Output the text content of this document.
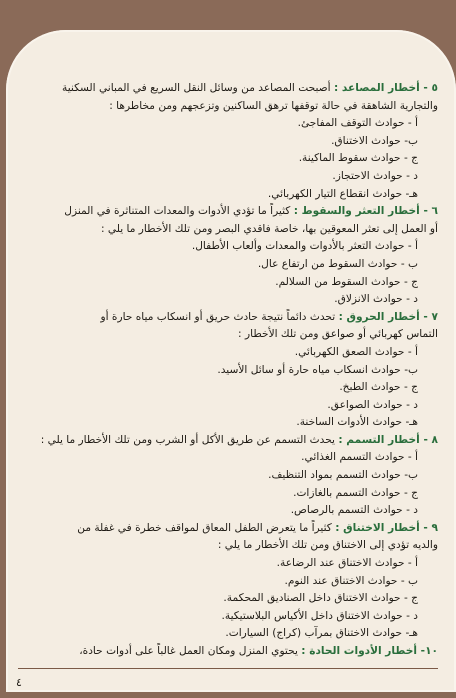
٥ - أخطار المصاعد : أصبحت المصاعد من وسائل النقل السريع في المباني السكنية
والتجارية الشاهقة في حالة توقفها ترهق الساكنين وتزعجهم ومن مخاطرها :
أ - حوادث التوقف المفاجئ.
ب- حوادث الاختناق.
ج - حوادث سقوط الماكينة.
د - حوادث الاحتجاز.
هـ- حوادث انقطاع التيار الكهربائي.
٦ - أخطار التعثر والسقوط : كثيراً ما تؤدي الأدوات والمعدات المتناثرة في المنزل
أو العمل إلى تعثر المعوقين بها، خاصة فاقدي البصر ومن تلك الأخطار ما يلي :
أ - حوادث التعثر بالأدوات والمعدات وألعاب الأطفال.
ب - حوادث السقوط من ارتفاع عال.
ج - حوادث السقوط من السلالم.
د - حوادث الانزلاق.
٧ - أخطار الحروق : تحدث دائماً نتيجة حادث حريق أو انسكاب مياه حارة أو
التماس كهربائي أو صواعق ومن تلك الأخطار :
أ - حوادث الصعق الكهربائي.
ب- حوادث انسكاب مياه حارة أو سائل الأسيد.
ج - حوادث الطبخ.
د - حوادث الصواعق.
هـ- حوادث الأدوات الساخنة.
٨ - أخطار التسمم : يحدث التسمم عن طريق الأكل أو الشرب ومن تلك الأخطار ما يلي :
أ - حوادث التسمم الغذائي.
ب- حوادث التسمم بمواد التنظيف.
ج - حوادث التسمم بالغازات.
د - حوادث التسمم بالرصاص.
٩ - أخطار الاختناق : كثيراً ما يتعرض الطفل المعاق لمواقف خطرة في غفلة من
والديه تؤدي إلى الاختناق ومن تلك الأخطار ما يلي :
أ - حوادث الاختناق عند الرضاعة.
ب - حوادث الاختناق عند النوم.
ج - حوادث الاختناق داخل الصناديق المحكمة.
د - حوادث الاختناق داخل الأكياس البلاستيكية.
هـ- حوادث الاختناق بمرآب (كراج) السيارات.
١٠- أخطار الأدوات الحادة : يحتوي المنزل ومكان العمل غالباً على أدوات حادة،
٤
